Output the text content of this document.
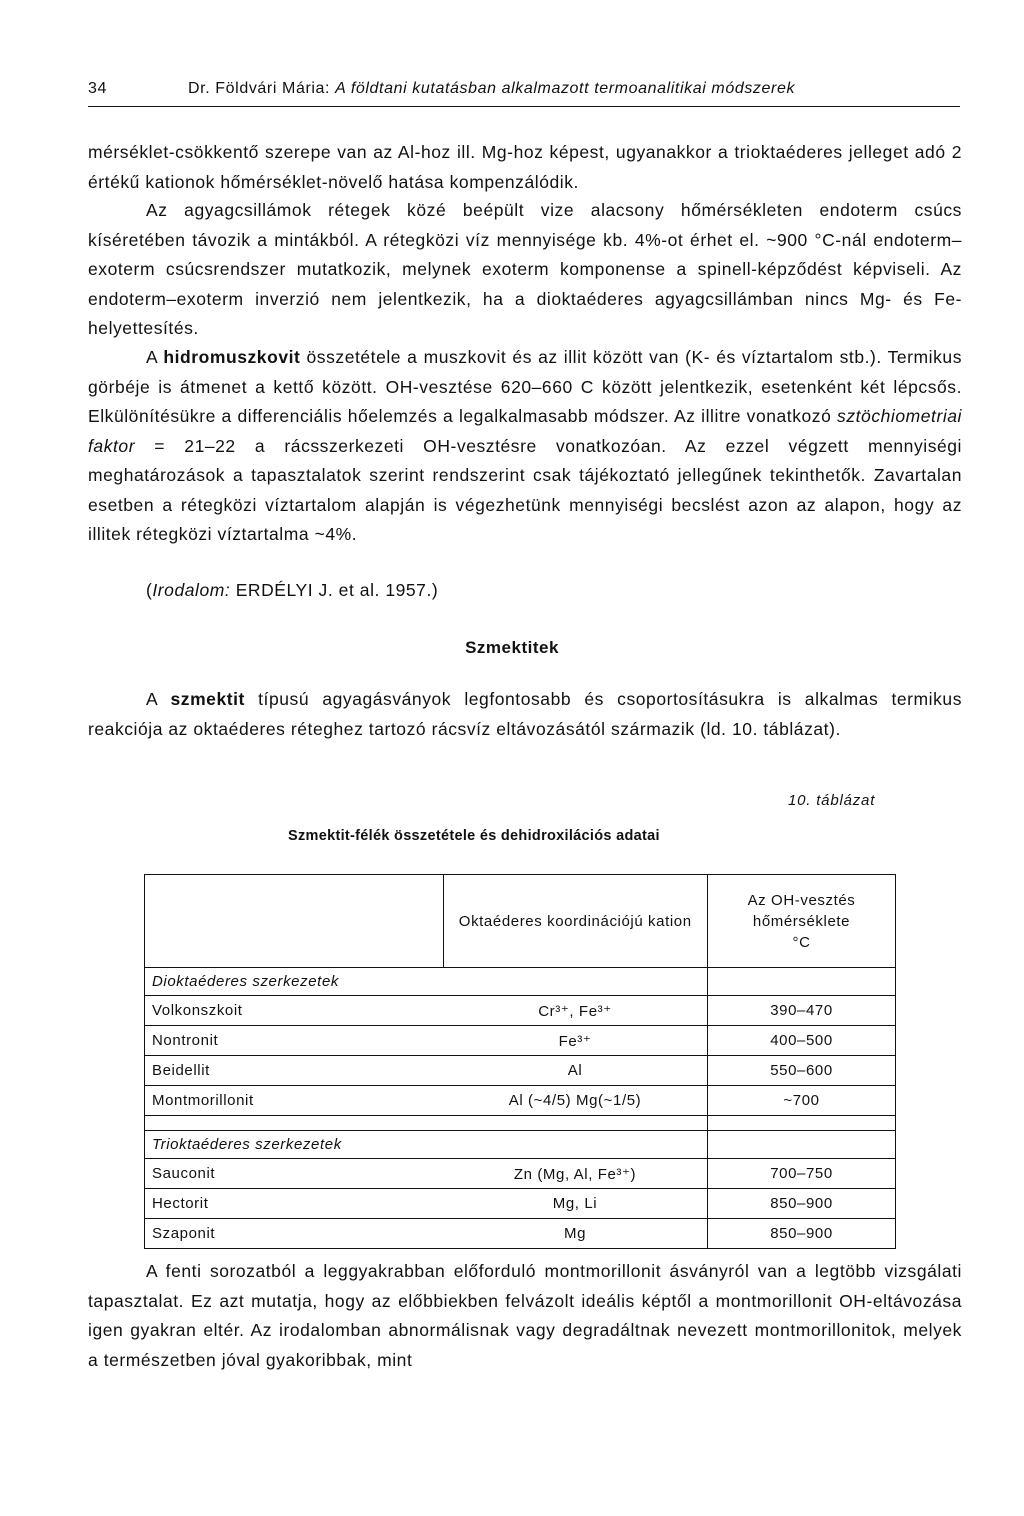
34	Dr. Földvári Mária: A földtani kutatásban alkalmazott termoanalitikai módszerek

mérséklet-csökkentő szerepe van az Al-hoz ill. Mg-hoz képest, ugyanakkor a trioktaéderes jelleget adó 2 értékű kationok hőmérséklet-növelő hatása kompenzálódik.

Az agyagcsillámok rétegek közé beépült vize alacsony hőmérsékleten endoterm csúcs kíséretében távozik a mintákból. A rétegközi víz mennyisége kb. 4%-ot érhet el. ~900 °C-nál endoterm–exoterm csúcsrendszer mutatkozik, melynek exoterm komponense a spinell-képződést képviseli. Az endoterm–exoterm inverzió nem jelentkezik, ha a dioktaéderes agyagcsillámban nincs Mg- és Fe-helyettesítés.

A hidromuszkovit összetétele a muszkovit és az illit között van (K- és víztartalom stb.). Termikus görbéje is átmenet a kettő között. OH-vesztése 620–660 C között jelentkezik, esetenként két lépcsős. Elkülönítésükre a differenciális hőelemzés a legalkalmasabb módszer. Az illitre vonatkozó sztöchiometriai faktor = 21–22 a rácsszerkezeti OH-vesztésre vonatkozóan. Az ezzel végzett mennyiségi meghatározások a tapasztalatok szerint rendszerint csak tájékoztató jellegűnek tekinthetők. Zavartalan esetben a rétegközi víztartalom alapján is végezhetünk mennyiségi becslést azon az alapon, hogy az illitek rétegközi víztartalma ~4%.

(Irodalom: ERDÉLYI J. et al. 1957.)
Szmektitek

A szmektit típusú agyagásványok legfontosabb és csoportosításukra is alkalmas termikus reakciója az oktaéderes réteghez tartozó rácsvíz eltávozásától származik (ld. 10. táblázat).

10. táblázat
Szmektit-félék összetétele és dehidroxilációs adatai
	Oktaéderes koordinációjú kation	Az OH-vesztés
hőmérséklete
°C

Dioktaéderes szerkezetek		
Volkonszkoit	Cr³⁺, Fe³⁺	390–470
Nontronit	Fe³⁺	400–500
Beidellit	Al	550–600
Montmorillonit	Al (~4/5) Mg(~1/5)	~700

Trioktaéderes szerkezetek		
Sauconit	Zn (Mg, Al, Fe³⁺)	700–750
Hectorit	Mg, Li	850–900
Szaponit	Mg	850–900

A fenti sorozatból a leggyakrabban előforduló montmorillonit ásványról van a legtöbb vizsgálati tapasztalat. Ez azt mutatja, hogy az előbbiekben felvázolt ideális képtől a montmorillonit OH-eltávozása igen gyakran eltér. Az irodalomban abnormálisnak vagy degradáltnak nevezett montmorillonitok, melyek a természetben jóval gyakoribbak, mint
